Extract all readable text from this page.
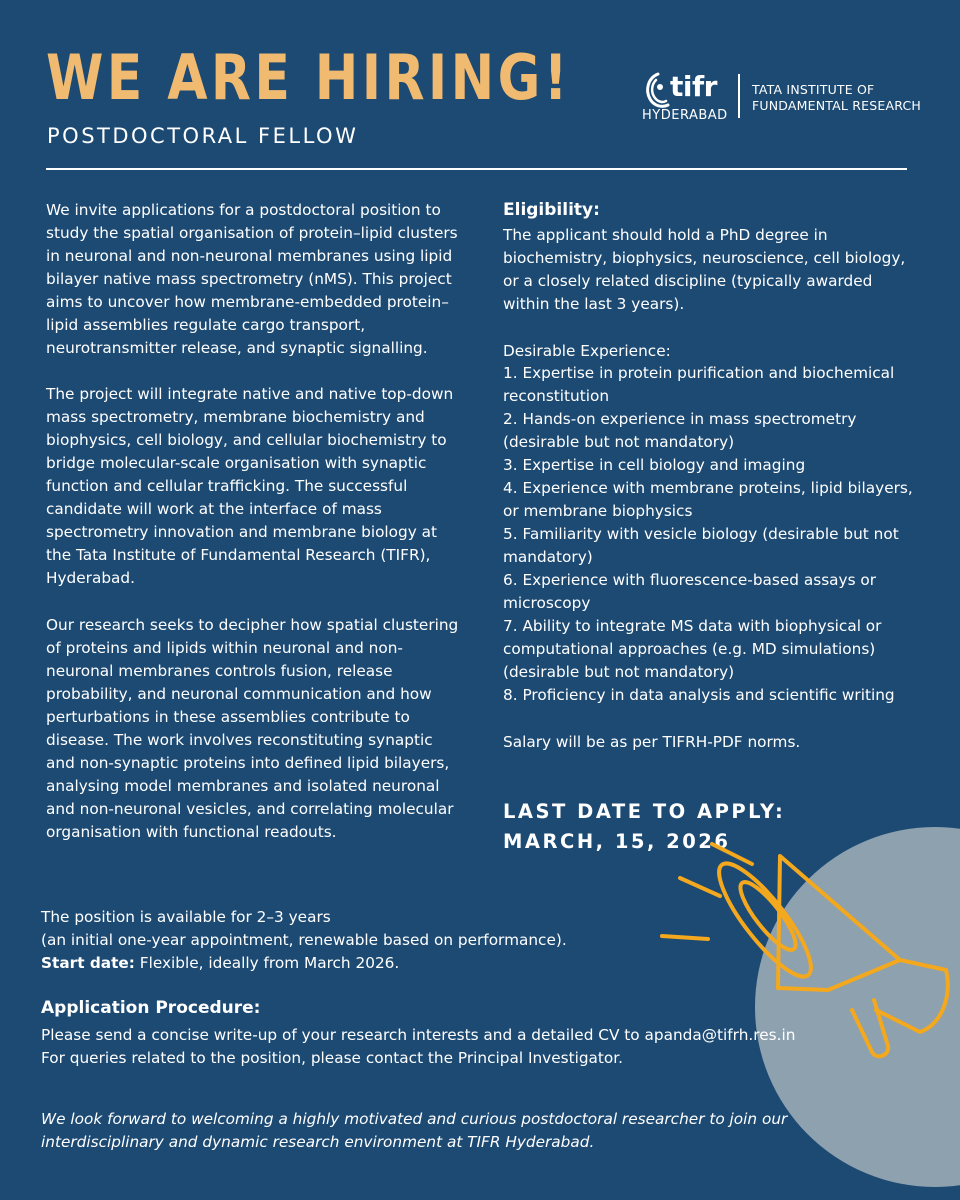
WE ARE HIRING!
POSTDOCTORAL FELLOW
tifr
HYDERABAD
TATA INSTITUTE OF
FUNDAMENTAL RESEARCH

We invite applications for a postdoctoral position to study the spatial organisation of protein–lipid clusters in neuronal and non-neuronal membranes using lipid bilayer native mass spectrometry (nMS). This project aims to uncover how membrane-embedded protein–lipid assemblies regulate cargo transport, neurotransmitter release, and synaptic signalling.

The project will integrate native and native top-down mass spectrometry, membrane biochemistry and biophysics, cell biology, and cellular biochemistry to bridge molecular-scale organisation with synaptic function and cellular trafficking. The successful candidate will work at the interface of mass spectrometry innovation and membrane biology at the Tata Institute of Fundamental Research (TIFR), Hyderabad.

Our research seeks to decipher how spatial clustering of proteins and lipids within neuronal and non-neuronal membranes controls fusion, release probability, and neuronal communication and how perturbations in these assemblies contribute to disease. The work involves reconstituting synaptic and non-synaptic proteins into defined lipid bilayers, analysing model membranes and isolated neuronal and non-neuronal vesicles, and correlating molecular organisation with functional readouts.

Eligibility:

The applicant should hold a PhD degree in biochemistry, biophysics, neuroscience, cell biology, or a closely related discipline (typically awarded within the last 3 years).

Desirable Experience:
1. Expertise in protein purification and biochemical reconstitution
2. Hands-on experience in mass spectrometry (desirable but not mandatory)
3. Expertise in cell biology and imaging
4. Experience with membrane proteins, lipid bilayers, or membrane biophysics
5. Familiarity with vesicle biology (desirable but not mandatory)
6. Experience with fluorescence-based assays or microscopy
7. Ability to integrate MS data with biophysical or computational approaches (e.g. MD simulations) (desirable but not mandatory)
8. Proficiency in data analysis and scientific writing
Salary will be as per TIFRH-PDF norms.
LAST DATE TO APPLY:
MARCH, 15, 2026
The position is available for 2–3 years
(an initial one-year appointment, renewable based on performance).
Start date: Flexible, ideally from March 2026.
Application Procedure:
Please send a concise write-up of your research interests and a detailed CV to apanda@tifrh.res.in
For queries related to the position, please contact the Principal Investigator.

We look forward to welcoming a highly motivated and curious postdoctoral researcher to join our interdisciplinary and dynamic research environment at TIFR Hyderabad.
